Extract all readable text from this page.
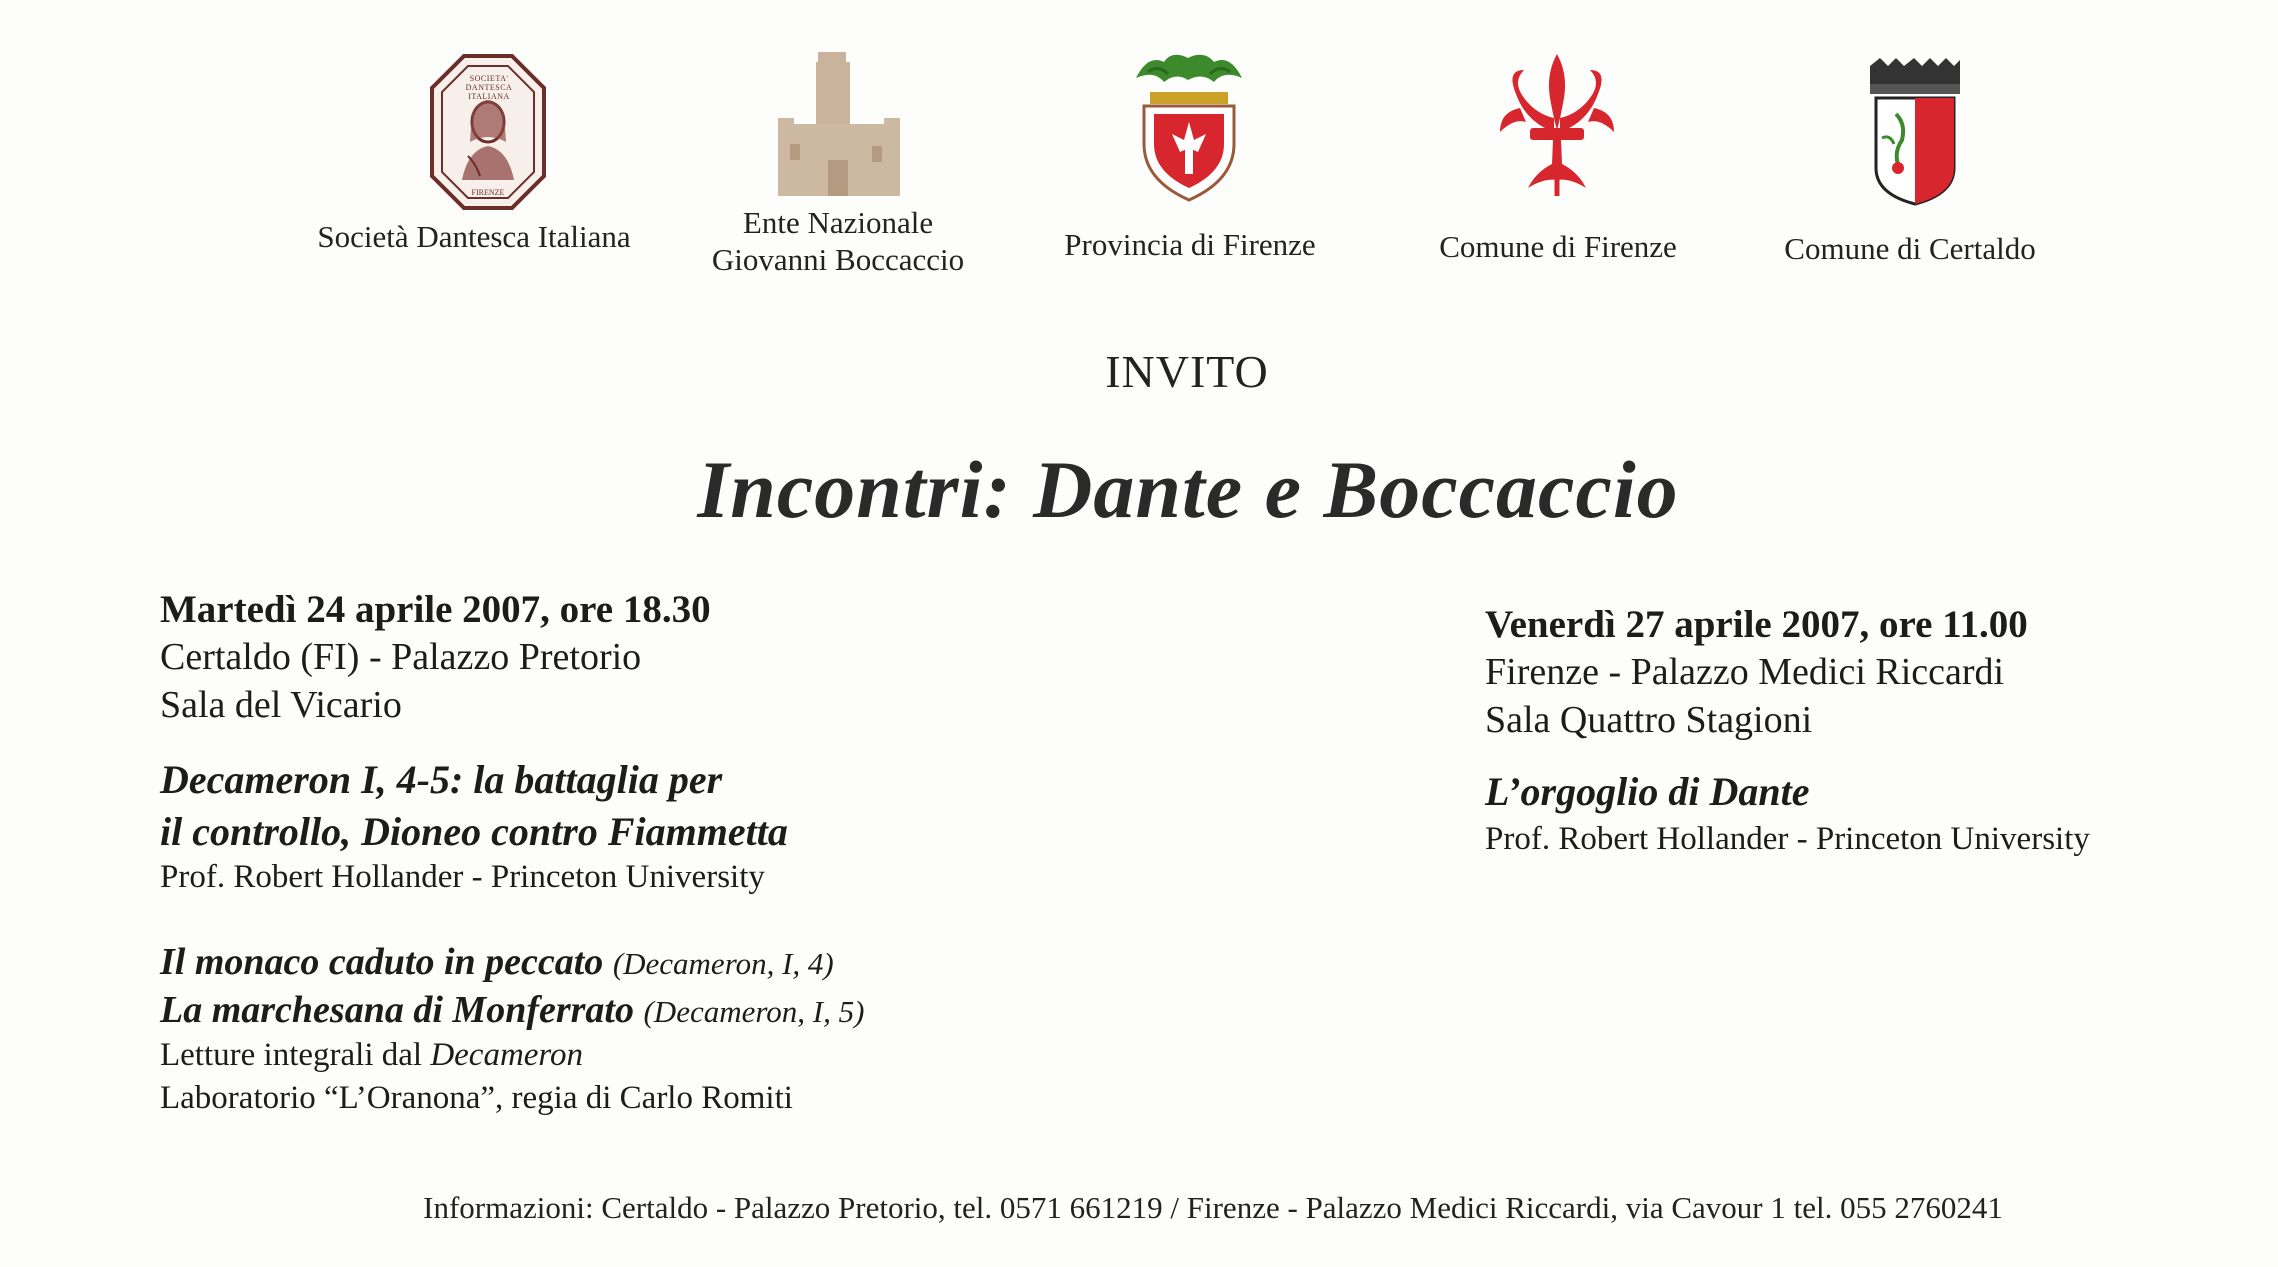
SOCIETA' DANTESCA ITALIANA
FIRENZE
Società Dantesca Italiana	Ente Nazionale
Giovanni Boccaccio	Provincia di Firenze	Comune di Firenze	Comune di Certaldo
INVITO
Incontri: Dante e Boccaccio
Martedì 24 aprile 2007, ore 18.30
Certaldo (FI) - Palazzo Pretorio
Sala del Vicario
Decameron I, 4-5: la battaglia per
il controllo, Dioneo contro Fiammetta
Prof. Robert Hollander - Princeton University
Il monaco caduto in peccato (Decameron, I, 4)
La marchesana di Monferrato (Decameron, I, 5)
Letture integrali dal Decameron
Laboratorio “L’Oranona”, regia di Carlo Romiti
Venerdì 27 aprile 2007, ore 11.00
Firenze - Palazzo Medici Riccardi
Sala Quattro Stagioni
L’orgoglio di Dante
Prof. Robert Hollander - Princeton University
Informazioni: Certaldo - Palazzo Pretorio, tel. 0571 661219 / Firenze - Palazzo Medici Riccardi, via Cavour 1 tel. 055 2760241
